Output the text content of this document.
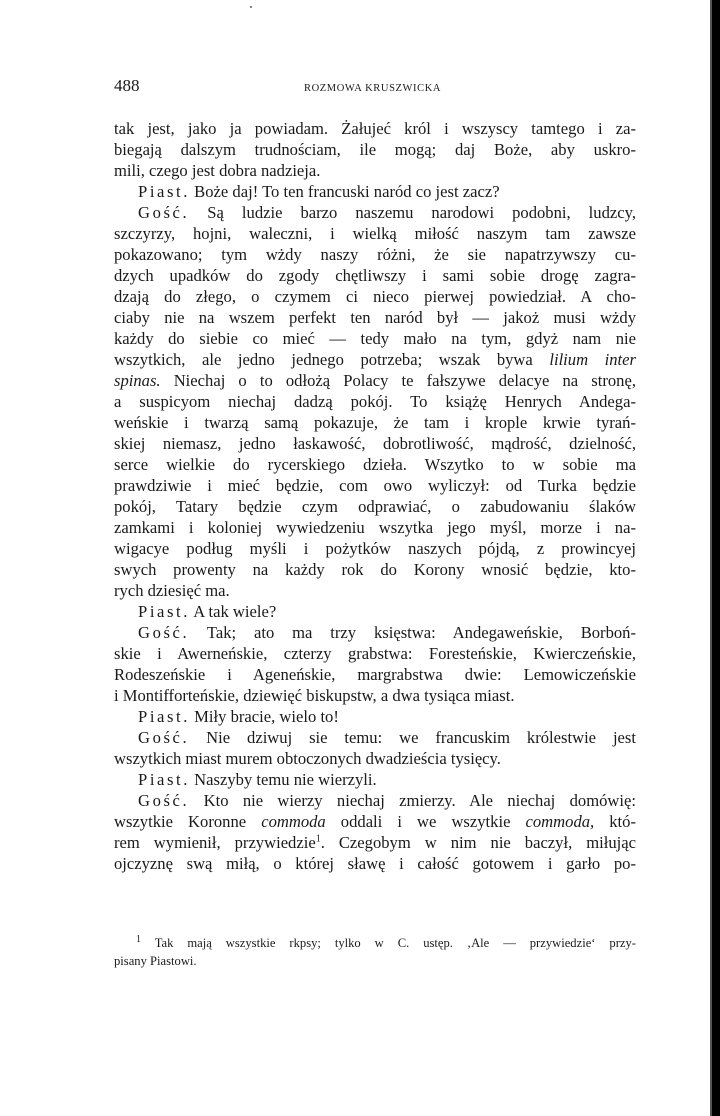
488	ROZMOWA KRUSZWICKA
tak jest, jako ja powiadam. Żałujeć król i wszyscy tamtego i za-
biegają dalszym trudnościam, ile mogą; daj Boże, aby uskro-
mili, czego jest dobra nadzieja.
Piast. Boże daj! To ten francuski naród co jest zacz?
Gość. Są ludzie barzo naszemu narodowi podobni, ludzcy,
szczyrzy, hojni, waleczni, i wielką miłość naszym tam zawsze
pokazowano; tym wżdy naszy różni, że sie napatrzywszy cu-
dzych upadków do zgody chętliwszy i sami sobie drogę zagra-
dzają do złego, o czymem ci nieco pierwej powiedział. A cho-
ciaby nie na wszem perfekt ten naród był — jakoż musi wżdy
każdy do siebie co mieć — tedy mało na tym, gdyż nam nie
wszytkich, ale jedno jednego potrzeba; wszak bywa lilium inter
spinas. Niechaj o to odłożą Polacy te fałszywe delacye na stronę,
a suspicyom niechaj dadzą pokój. To książę Henrych Andega-
weńskie i twarzą samą pokazuje, że tam i krople krwie tyrań-
skiej niemasz, jedno łaskawość, dobrotliwość, mądrość, dzielność,
serce wielkie do rycerskiego dzieła. Wszytko to w sobie ma
prawdziwie i mieć będzie, com owo wyliczył: od Turka będzie
pokój, Tatary będzie czym odprawiać, o zabudowaniu ślaków
zamkami i koloniej wywiedzeniu wszytka jego myśl, morze i na-
wigacye podług myśli i pożytków naszych pójdą, z prowincyej
swych prowenty na każdy rok do Korony wnosić będzie, kto-
rych dziesięć ma.
Piast. A tak wiele?
Gość. Tak; ato ma trzy księstwa: Andegaweńskie, Borboń-
skie i Awerneńskie, czterzy grabstwa: Foresteńskie, Kwierczeńskie,
Rodeszeńskie i Ageneńskie, margrabstwa dwie: Lemowiczeńskie
i Montifforteńskie, dziewięć biskupstw, a dwa tysiąca miast.
Piast. Miły bracie, wielo to!
Gość. Nie dziwuj sie temu: we francuskim królestwie jest
wszytkich miast murem obtoczonych dwadzieścia tysięcy.
Piast. Naszyby temu nie wierzyli.
Gość. Kto nie wierzy niechaj zmierzy. Ale niechaj domówię:
wszytkie Koronne commoda oddali i we wszytkie commoda, któ-
rem wymienił, przywiedzie$^1$. Czegobym w nim nie baczył, miłując
ojczyznę swą miłą, o której sławę i całość gotowem i garło po-
$^1$ Tak mają wszystkie rkpsy; tylko w C. ustęp. ‚Ale — przywiedzie‘ przy-
pisany Piastowi.
